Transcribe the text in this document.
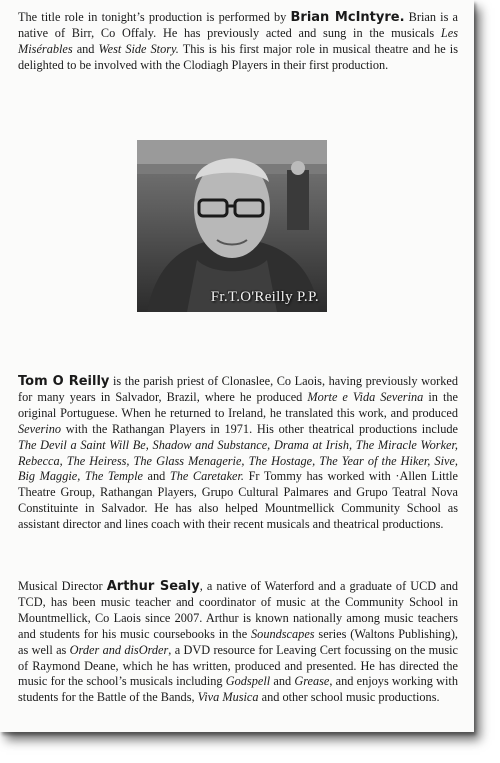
The title role in tonight’s production is performed by Brian McIntyre. Brian is a native of Birr, Co Offaly. He has previously acted and sung in the musicals Les Misérables and West Side Story. This is his first major role in musical theatre and he is delighted to be involved with the Clodiagh Players in their first production.

Fr.T.O'Reilly P.P.

Tom O Reilly is the parish priest of Clonaslee, Co Laois, having previously worked for many years in Salvador, Brazil, where he produced Morte e Vida Severina in the original Portuguese. When he returned to Ireland, he translated this work, and produced Severino with the Rathangan Players in 1971. His other theatrical productions include The Devil a Saint Will Be, Shadow and Substance, Drama at Irish, The Miracle Worker, Rebecca, The Heiress, The Glass Menagerie, The Hostage, The Year of the Hiker, Sive, Big Maggie, The Temple and The Caretaker. Fr Tommy has worked with ·Allen Little Theatre Group, Rathangan Players, Grupo Cultural Palmares and Grupo Teatral Nova Constituinte in Salvador. He has also helped Mountmellick Community School as assistant director and lines coach with their recent musicals and theatrical productions.

Musical Director Arthur Sealy, a native of Waterford and a graduate of UCD and TCD, has been music teacher and coordinator of music at the Community School in Mountmellick, Co Laois since 2007. Arthur is known nationally among music teachers and students for his music coursebooks in the Soundscapes series (Waltons Publishing), as well as Order and disOrder, a DVD resource for Leaving Cert focussing on the music of Raymond Deane, which he has written, produced and presented. He has directed the music for the school’s musicals including Godspell and Grease, and enjoys working with students for the Battle of the Bands, Viva Musica and other school music productions.
